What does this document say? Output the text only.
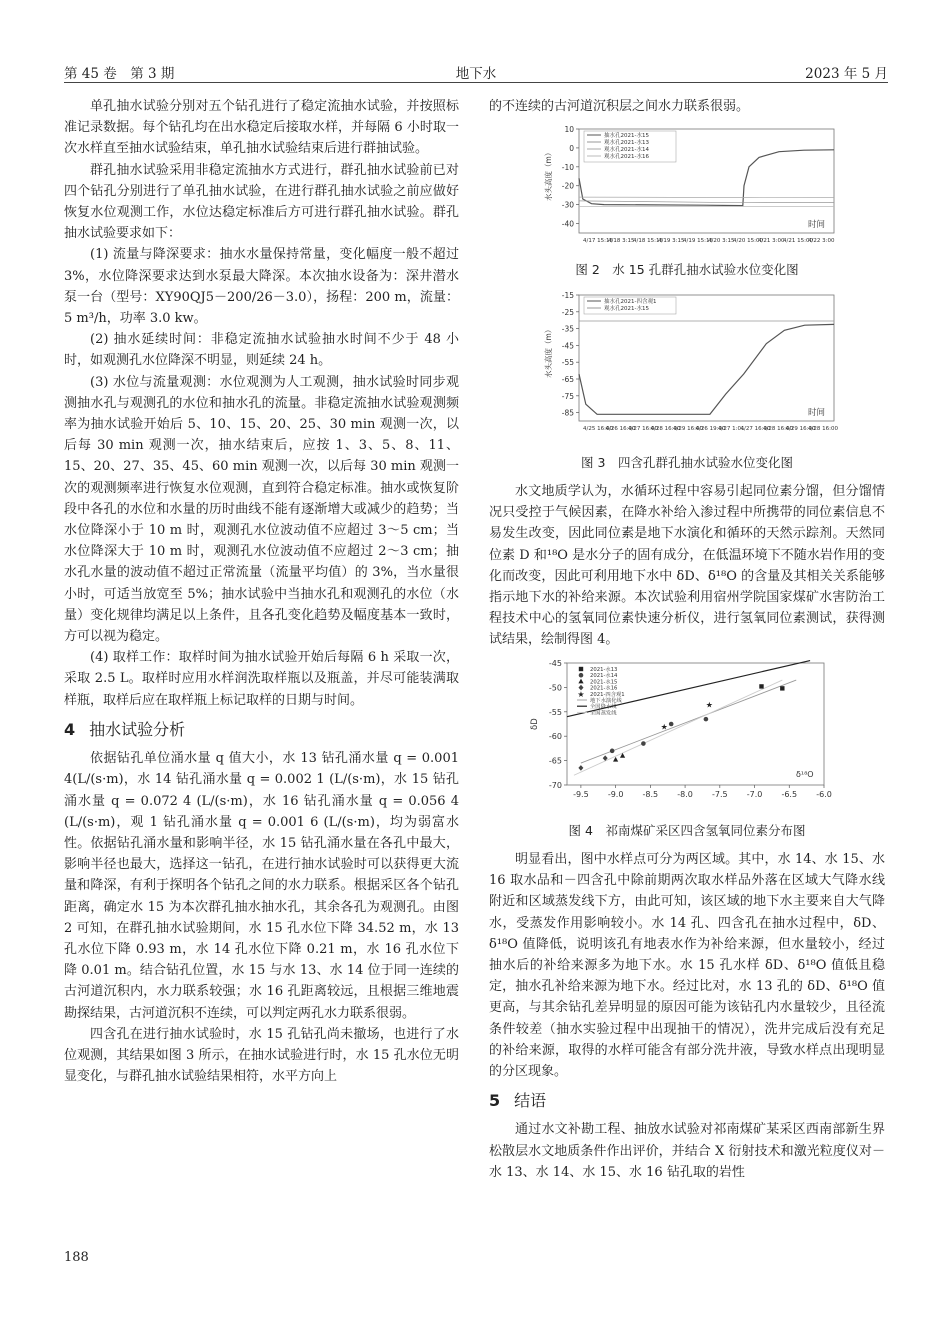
第 45 卷　第 3 期	地下水	2023 年 5 月

单孔抽水试验分别对五个钻孔进行了稳定流抽水试验，并按照标准记录数据。每个钻孔均在出水稳定后接取水样，并每隔 6 小时取一次水样直至抽水试验结束，单孔抽水试验结束后进行群抽试验。

群孔抽水试验采用非稳定流抽水方式进行，群孔抽水试验前已对四个钻孔分别进行了单孔抽水试验，在进行群孔抽水试验之前应做好恢复水位观测工作，水位达稳定标准后方可进行群孔抽水试验。群孔抽水试验要求如下：

(1) 流量与降深要求：抽水水量保持常量，变化幅度一般不超过 3%，水位降深要求达到水泵最大降深。本次抽水设备为：深井潜水泵一台（型号：XY90QJ5－200/26－3.0），扬程：200 m，流量：5 m³/h，功率 3.0 kw。

(2) 抽水延续时间：非稳定流抽水试验抽水时间不少于 48 小时，如观测孔水位降深不明显，则延续 24 h。

(3) 水位与流量观测：水位观测为人工观测，抽水试验时同步观测抽水孔与观测孔的水位和抽水孔的流量。非稳定流抽水试验观测频率为抽水试验开始后 5、10、15、20、25、30 min 观测一次，以后每 30 min 观测一次，抽水结束后，应按 1、3、5、8、11、15、20、27、35、45、60 min 观测一次，以后每 30 min 观测一次的观测频率进行恢复水位观测，直到符合稳定标准。抽水或恢复阶段中各孔的水位和水量的历时曲线不能有逐渐增大或减少的趋势；当水位降深小于 10 m 时，观测孔水位波动值不应超过 3～5 cm；当水位降深大于 10 m 时，观测孔水位波动值不应超过 2～3 cm；抽水孔水量的波动值不超过正常流量（流量平均值）的 3%，当水量很小时，可适当放宽至 5%；抽水试验中当抽水孔和观测孔的水位（水量）变化规律均满足以上条件，且各孔变化趋势及幅度基本一致时，方可以视为稳定。

(4) 取样工作：取样时间为抽水试验开始后每隔 6 h 采取一次，采取 2.5 L。取样时应用水样润洗取样瓶以及瓶盖，并尽可能装满取样瓶，取样后应在取样瓶上标记取样的日期与时间。

4 抽水试验分析

依据钻孔单位涌水量 q 值大小，水 13 钻孔涌水量 q = 0.001 4(L/(s·m)，水 14 钻孔涌水量 q = 0.002 1 (L/(s·m)，水 15 钻孔涌水量 q = 0.072 4 (L/(s·m)，水 16 钻孔涌水量 q = 0.056 4 (L/(s·m)，观 1 钻孔涌水量 q = 0.001 6 (L/(s·m)，均为弱富水性。依据钻孔涌水量和影响半径，水 15 钻孔涌水量在各孔中最大，影响半径也最大，选择这一钻孔，在进行抽水试验时可以获得更大流量和降深，有利于探明各个钻孔之间的水力联系。根据采区各个钻孔距离，确定水 15 为本次群孔抽水抽水孔，其余各孔为观测孔。由图 2 可知，在群孔抽水试验期间，水 15 孔水位下降 34.52 m，水 13 孔水位下降 0.93 m，水 14 孔水位下降 0.21 m，水 16 孔水位下降 0.01 m。结合钻孔位置，水 15 与水 13、水 14 位于同一连续的古河道沉积内，水力联系较强；水 16 孔距离较远，且根据三维地震勘探结果，古河道沉积不连续，可以判定两孔水力联系很弱。

四含孔在进行抽水试验时，水 15 孔钻孔尚未撤场，也进行了水位观测，其结果如图 3 所示，在抽水试验进行时，水 15 孔水位无明显变化，与群孔抽水试验结果相符，水平方向上

的不连续的古河道沉积层之间水力联系很弱。

10
0
-10
-20
-30
-40
4/17 15:15
4/18 3:15
4/18 15:15
4/19 3:15
4/19 15:15
4/20 3:15
4/20 15:00
4/21 3:00
4/21 15:00
4/22 3:00
水头高度（m）
时间
抽水孔2021-水15
观水孔2021-水13
观水孔2021-水14
观水孔2021-水16
图 2　水 15 孔群孔抽水试验水位变化图
-15
-25
-35
-45
-55
-65
-75
-85
4/25 16:00
4/26 16:00
4/27 16:00
4/28 16:00
4/29 16:00
4/26 19:00
4/27 1:01
4/27 16:00
4/28 16:00
4/29 16:00
4/28 16:00
水头高度（m）
时间
抽水孔2021-四含观1
观水孔2021-水15
图 3　四含孔群孔抽水试验水位变化图

水文地质学认为，水循环过程中容易引起同位素分馏，但分馏情况只受控于气候因素，在降水补给入渗过程中所携带的同位素信息不易发生改变，因此同位素是地下水演化和循环的天然示踪剂。天然同位素 D 和¹⁸O 是水分子的固有成分，在低温环境下不随水岩作用的变化而改变，因此可利用地下水中 δD、δ¹⁸O 的含量及其相关关系能够指示地下水的补给来源。本次试验利用宿州学院国家煤矿水害防治工程技术中心的氢氧同位素快速分析仪，进行氢氧同位素测试，获得测试结果，绘制得图 4。

-45
-50
-55
-60
-65
-70
-9.5 -9.0 -8.5 -8.0 -7.5 -7.0 -6.5 -6.0
δD
δ¹⁸O
★
★
2021-水13
2021-水14
2021-水15
2021-水16
★ 2021-四含观1
地下水演化线
全国降水线
全国蒸发线
图 4　祁南煤矿采区四含氢氧同位素分布图

明显看出，图中水样点可分为两区域。其中，水 14、水 15、水 16 取水品和－四含孔中除前期两次取水样品外落在区域大气降水线附近和区域蒸发线下方，由此可知，该区域的地下水主要来自大气降水，受蒸发作用影响较小。水 14 孔、四含孔在抽水过程中，δD、δ¹⁸O 值降低，说明该孔有地表水作为补给来源，但水量较小，经过抽水后的补给来源多为地下水。水 15 孔水样 δD、δ¹⁸O 值低且稳定，抽水孔补给来源为地下水。经过比对，水 13 孔的 δD、δ¹⁸O 值更高，与其余钻孔差异明显的原因可能为该钻孔内水量较少，且径流条件较差（抽水实验过程中出现抽干的情况），洗井完成后没有充足的补给来源，取得的水样可能含有部分洗井液，导致水样点出现明显的分区现象。

5 结语

通过水文补勘工程、抽放水试验对祁南煤矿某采区西南部新生界松散层水文地质条件作出评价，并结合 X 衍射技术和激光粒度仪对－水 13、水 14、水 15、水 16 钻孔取的岩性

188
